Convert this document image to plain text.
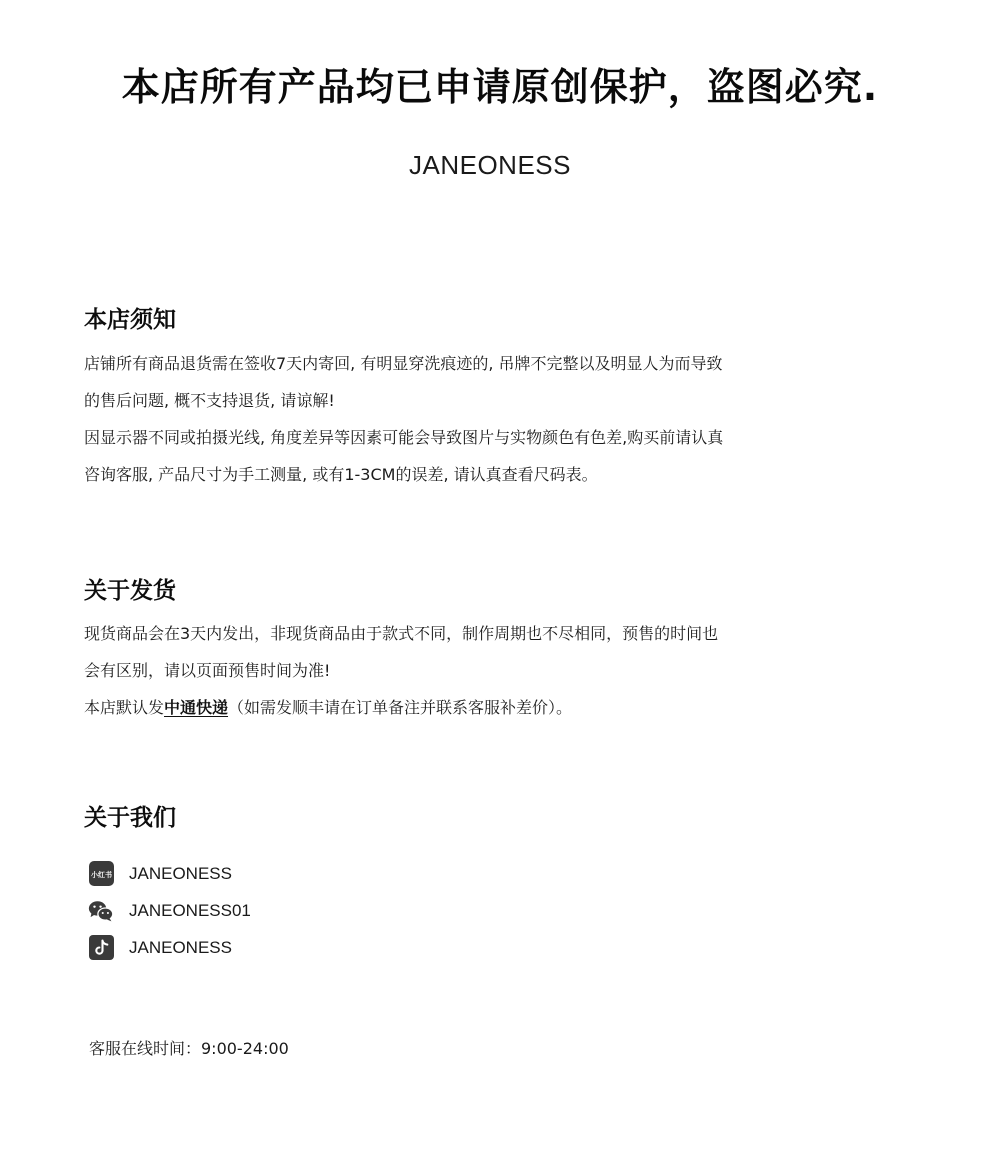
本店所有产品均已申请原创保护，盗图必究.
JANEONESS
本店须知

店铺所有商品退货需在签收7天内寄回, 有明显穿洗痕迹的, 吊牌不完整以及明显人为而导致

的售后问题, 概不支持退货, 请谅解!

因显示器不同或拍摄光线, 角度差异等因素可能会导致图片与实物颜色有色差,购买前请认真

咨询客服, 产品尺寸为手工测量, 或有1-3CM的误差, 请认真查看尺码表。

关于发货

现货商品会在3天内发出，非现货商品由于款式不同，制作周期也不尽相同，预售的时间也

会有区别，请以页面预售时间为准!

本店默认发中通快递（如需发顺丰请在订单备注并联系客服补差价）。

关于我们
小红书 JANEONESS
JANEONESS01
JANEONESS
客服在线时间：9:00-24:00
